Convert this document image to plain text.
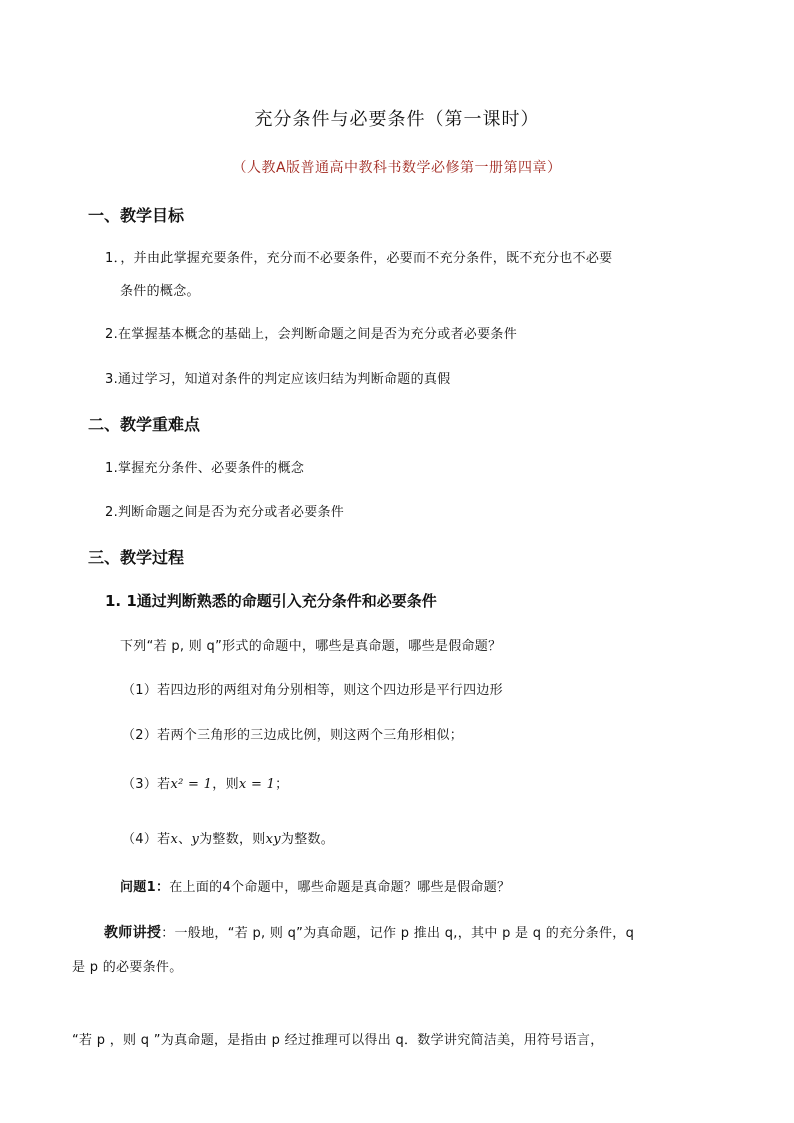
充分条件与必要条件（第一课时）
（人教A版普通高中教科书数学必修第一册第四章）
一、教学目标
1．，并由此掌握充要条件，充分而不必要条件，必要而不充分条件，既不充分也不必要
条件的概念。
2.在掌握基本概念的基础上，会判断命题之间是否为充分或者必要条件
3.通过学习，知道对条件的判定应该归结为判断命题的真假
二、教学重难点
1.掌握充分条件、必要条件的概念
2.判断命题之间是否为充分或者必要条件
三、教学过程
1. 1通过判断熟悉的命题引入充分条件和必要条件
下列“若 p, 则 q”形式的命题中，哪些是真命题，哪些是假命题？
（1）若四边形的两组对角分别相等，则这个四边形是平行四边形
（2）若两个三角形的三边成比例，则这两个三角形相似；
（3）若x² = 1，则x = 1；
（4）若x、y为整数，则xy为整数。
问题1：在上面的4个命题中，哪些命题是真命题？哪些是假命题？
教师讲授：一般地，“若 p, 则 q”为真命题，记作 p 推出 q,，其中 p 是 q 的充分条件，q
是 p 的必要条件。
“若 p ，则 q ”为真命题，是指由 p 经过推理可以得出 q．数学讲究简洁美，用符号语言，
